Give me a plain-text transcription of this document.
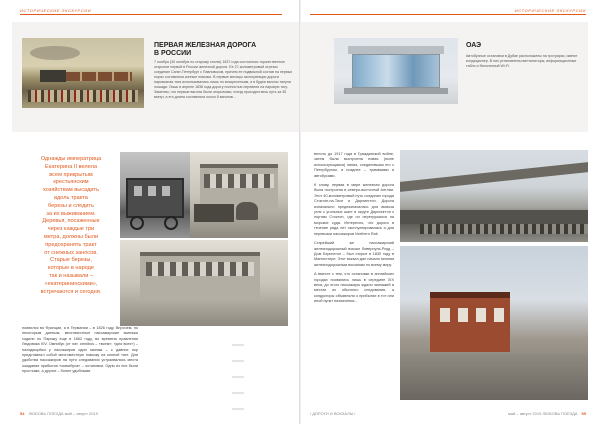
ИСТОРИЧЕСКИЕ ЭКСКУРСИИ
ПЕРВАЯ ЖЕЛЕЗНАЯ ДОРОГА
В РОССИИ
7 ноября (30 октября по старому стилю) 1837 года состоялось торжественное открытие первой в России железной дороги. Ее 27-километровый отрезок соединил Санкт-Петербург с Павловском, причем ее подвижной состав на первых порах составляли конные повозки. В первые месяцы эксплуатации дороги паровозная тяга использовалась лишь по воскресеньям, а в будни вагоны тянули лошади. Лишь в апреле 1838 года дорогу полностью перевели на паровую тягу. Заметим, что первые вагоны были открытыми, поезд проходил весь путь за 35 минут, а его длина составляла около 8 вагонов...
Однажды императрица
Екатерина II велела
всем прикрытым
крестьянским
хозяйствам высадить
вдоль тракта
березы и следить
за их выживанием.
Деревья, посаженные
через каждые три
метра, должны были
предохранять тракт
от снежных заносов.
Старые березы,
которые в народе
так и называли –
«екатерининскими»,
встречаются и сегодня.
появился во Франции, а в Германии – в 1826 году. Впрочем, по некоторым данным, многоместные пассажирские экипажи ходили по Парижу еще в 1662 году, во времена правления Людовика XIV. Омнибус (от лат. omnibus – «всем», «для всех») – находящийся у пассажиров один экипаж – с давних пор представлял собой многоместную повозку на конной тяге. Для удобства пассажиров на пути следования устраивались места ожидания прибытия «омнибуса» – остановки. Одни из них были простыми, а другие – более удобными.
54 ЛЮБОВЬ ПОЕЗДА май – август 2019
ИСТОРИЧЕСКИЕ ЭКСКУРСИИ
ОАЭ
Автобусные остановки в Дубае расположены на тротуарах, имеют кондиционер. В них установлены вентиляторы, информационные табло и бесплатный Wi-Fi.

вплоть до 1917 года в Гражданской войне, затем была выстроена новая (ныне использующаяся) линия, соединившая его с Петербургом, а позднее – трамваями и автобусами.

К слову, первая в мире железная дорога была построена в северо-восточной Англии. Этот 40-километровый путь соединил города Стоктон-на-Тисе и Дарлингтон. Дорога изначально предназначалась для вывоза угля с угольных шахт в округе Дарлингтон к портам Стоктон, где он перегружался на морские суда. Интересно, что дорога в течение ряда лет эксплуатировалась и для перевозки пассажиров Northern Rail.

Старейший же пассажирский железнодорожный вокзал Ливерпуль-Роуд – Дом Бэрингтон – был открыт в 1830 году в Манчестере. Этот вокзал дал начало многим железнодорожным вокзалам по всему миру.

А вместе с тем, что остановки в английских городах появились лишь в середине XIX века, до этого пассажиры ждали экипажей в местах их обычного следования, а кондукторы объявляли о прибытии в тот или иной пункт назначения...

/ ДОРОГИ И ВОКЗАЛЫ /	май – август 2019 ЛЮБОВЬ ПОЕЗДА 55
